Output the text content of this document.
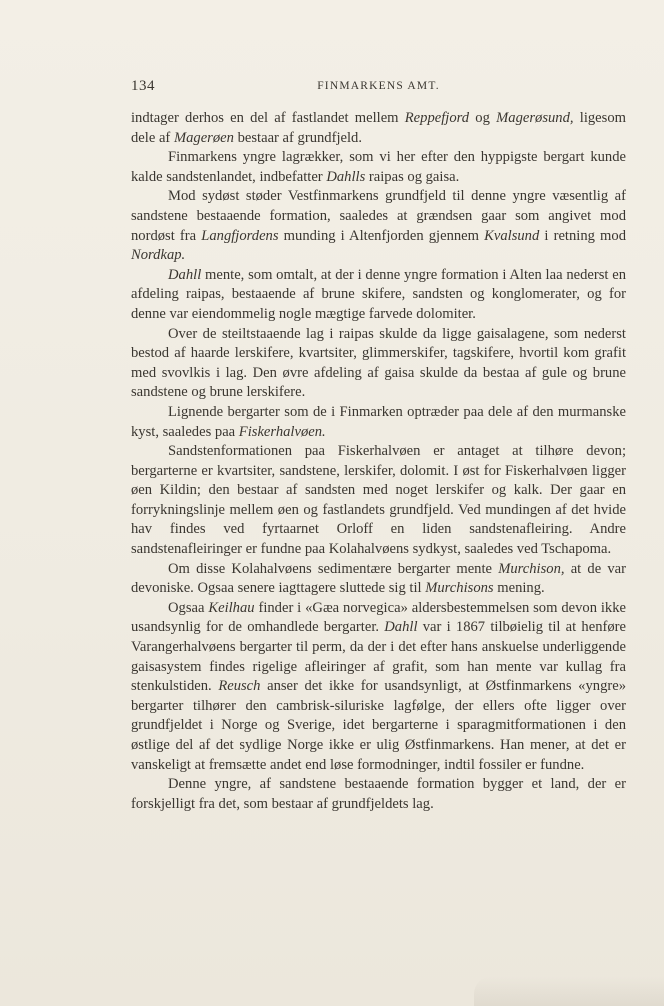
134	FINMARKENS AMT.

indtager derhos en del af fastlandet mellem Reppefjord og Magerøsund, ligesom dele af Magerøen bestaar af grundfjeld.

Finmarkens yngre lagrækker, som vi her efter den hyppigste bergart kunde kalde sandstenlandet, indbefatter Dahlls raipas og gaisa.

Mod sydøst støder Vestfinmarkens grundfjeld til denne yngre væsentlig af sandstene bestaaende formation, saaledes at grændsen gaar som angivet mod nordøst fra Langfjordens munding i Altenfjorden gjennem Kvalsund i retning mod Nordkap.

Dahll mente, som omtalt, at der i denne yngre formation i Alten laa nederst en afdeling raipas, bestaaende af brune skifere, sandsten og konglomerater, og for denne var eiendommelig nogle mægtige farvede dolomiter.

Over de steiltstaaende lag i raipas skulde da ligge gaisalagene, som nederst bestod af haarde lerskifere, kvartsiter, glimmerskifer, tagskifere, hvortil kom grafit med svovlkis i lag. Den øvre afdeling af gaisa skulde da bestaa af gule og brune sandstene og brune lerskifere.

Lignende bergarter som de i Finmarken optræder paa dele af den murmanske kyst, saaledes paa Fiskerhalvøen.

Sandstenformationen paa Fiskerhalvøen er antaget at tilhøre devon; bergarterne er kvartsiter, sandstene, lerskifer, dolomit. I øst for Fiskerhalvøen ligger øen Kildin; den bestaar af sandsten med noget lerskifer og kalk. Der gaar en forrykningslinje mellem øen og fastlandets grundfjeld. Ved mundingen af det hvide hav findes ved fyrtaarnet Orloff en liden sandstenafleiring. Andre sandstenafleiringer er fundne paa Kolahalvøens sydkyst, saaledes ved Tschapoma.

Om disse Kolahalvøens sedimentære bergarter mente Murchison, at de var devoniske. Ogsaa senere iagttagere sluttede sig til Murchisons mening.

Ogsaa Keilhau finder i «Gæa norvegica» aldersbestemmelsen som devon ikke usandsynlig for de omhandlede bergarter. Dahll var i 1867 tilbøielig til at henføre Varangerhalvøens bergarter til perm, da der i det efter hans anskuelse underliggende gaisasystem findes rigelige afleiringer af grafit, som han mente var kullag fra stenkulstiden. Reusch anser det ikke for usandsynligt, at Østfinmarkens «yngre» bergarter tilhører den cambrisk-siluriske lagfølge, der ellers ofte ligger over grundfjeldet i Norge og Sverige, idet bergarterne i sparagmitformationen i den østlige del af det sydlige Norge ikke er ulig Østfinmarkens. Han mener, at det er vanskeligt at fremsætte andet end løse formodninger, indtil fossiler er fundne.

Denne yngre, af sandstene bestaaende formation bygger et land, der er forskjelligt fra det, som bestaar af grundfjeldets lag.
